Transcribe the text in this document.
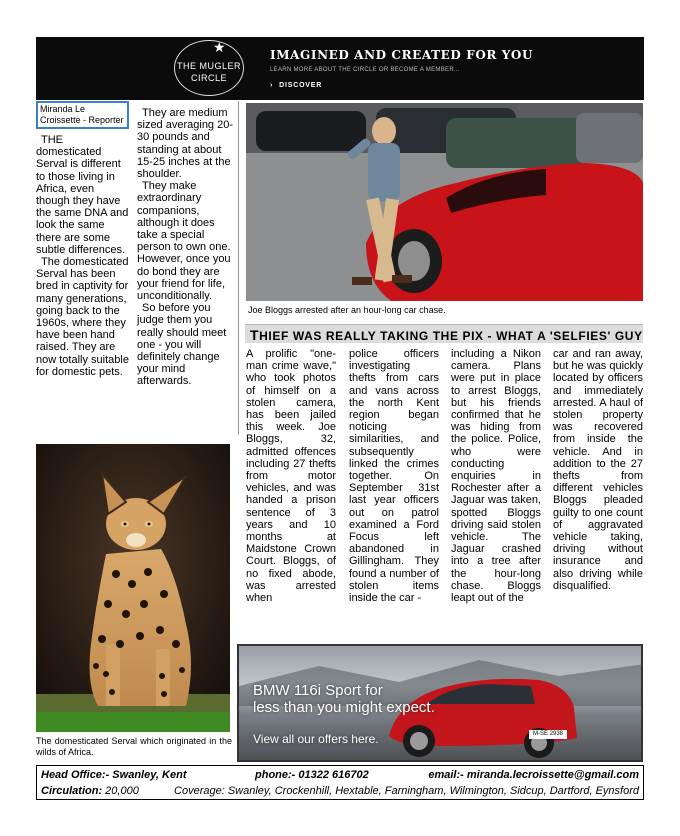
★
THE MUGLER
CIRCLE
IMAGINED AND CREATED FOR YOU
LEARN MORE ABOUT THE CIRCLE OR BECOME A MEMBER...
› DISCOVER
Miranda Le Croissette - Reporter

THE domesticated Serval is different to those living in Africa, even though they have the same DNA and look the same there are some subtle differences.

The domesticated Serval has been bred in captivity for many generations, going back to the 1960s, where they have been hand raised. They are now totally suitable for domestic pets.

They are medium sized averaging 20-30 pounds and standing at about 15-25 inches at the shoulder.

They make extraordinary companions, although it does take a special person to own one. However, once you do bond they are your friend for life, unconditionally.

So before you judge them you really should meet one - you will definitely change your mind afterwards.

The domesticated Serval which originated in the wilds of Africa.
Joe Bloggs arrested after an hour-long car chase.
THIEF WAS REALLY TAKING THE PIX - WHAT A 'SELFIES' GUY
A prolific "one-man crime wave," who took photos of himself on a stolen camera, has been jailed this week. Joe Bloggs, 32, admitted offences including 27 thefts from motor vehicles, and was handed a prison sentence of 3 years and 10 months at Maidstone Crown Court. Bloggs, of no fixed abode, was arrested when
police officers investigating thefts from cars and vans across the north Kent region began noticing similarities, and subsequently linked the crimes together. On September 31st last year officers out on patrol examined a Ford Focus left abandoned in Gillingham. They found a number of stolen items inside the car -
including a Nikon camera. Plans were put in place to arrest Bloggs, but his friends confirmed that he was hiding from the police. Police, who were conducting enquiries in Rochester after a Jaguar was taken, spotted Bloggs driving said stolen vehicle. The Jaguar crashed into a tree after the hour-long chase. Bloggs leapt out of the
car and ran away, but he was quickly located by officers and immediately arrested. A haul of stolen property was recovered from inside the vehicle. And in addition to the 27 thefts from different vehicles Bloggs pleaded guilty to one count of aggravated vehicle taking, driving without insurance and also driving while disqualified.
BMW 116i Sport for
less than you might expect.
View all our offers here.	M-SE 2938
Head Office:- Swanley, Kent	phone:- 01322 616702	email:- miranda.lecroissette@gmail.com
Circulation: 20,000	Coverage: Swanley, Crockenhill, Hextable, Farningham, Wilmington, Sidcup, Dartford, Eynsford
